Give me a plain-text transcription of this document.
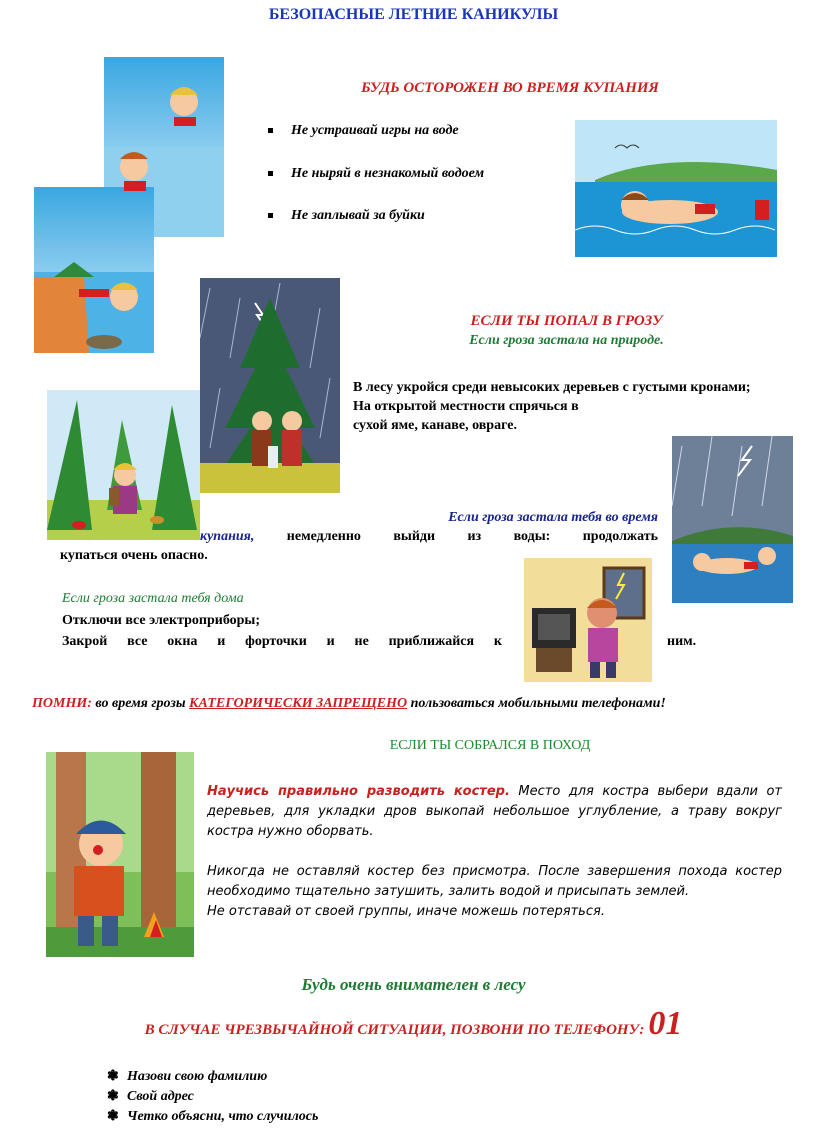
БЕЗОПАСНЫЕ ЛЕТНИЕ КАНИКУЛЫ
БУДЬ ОСТОРОЖЕН ВО ВРЕМЯ КУПАНИЯ
Не устраивай игры на воде
Не ныряй в незнакомый водоем
Не заплывай за буйки
ЕСЛИ ТЫ ПОПАЛ В ГРОЗУ
Если гроза застала на природе.
В лесу укройся среди невысоких деревьев с густыми кронами;
На открытой местности спрячься в
сухой яме, канаве, овраге.
Если гроза застала тебя во время
купания, немедленно выйди из воды: продолжать
купаться очень опасно.
Если гроза застала тебя дома
Отключи все электроприборы;
Закрой все окна и форточки и не приближайся к	ним.
ПОМНИ: во время грозы КАТЕГОРИЧЕСКИ ЗАПРЕЩЕНО пользоваться мобильными телефонами!
ЕСЛИ ТЫ СОБРАЛСЯ В ПОХОД
Научись правильно разводить костер. Место для костра выбери вдали от деревьев, для укладки дров выкопай небольшое углубление, а траву вокруг костра нужно оборвать.
Никогда не оставляй костер без присмотра. После завершения похода костер необходимо тщательно затушить, залить водой и присыпать землей.
Не отставай от своей группы, иначе можешь потеряться.
Будь очень внимателен в лесу
В СЛУЧАЕ ЧРЕЗВЫЧАЙНОЙ СИТУАЦИИ, ПОЗВОНИ ПО ТЕЛЕФОНУ: 01
❃ Назови свою фамилию
❃ Свой адрес
❃ Четко объясни, что случилось
